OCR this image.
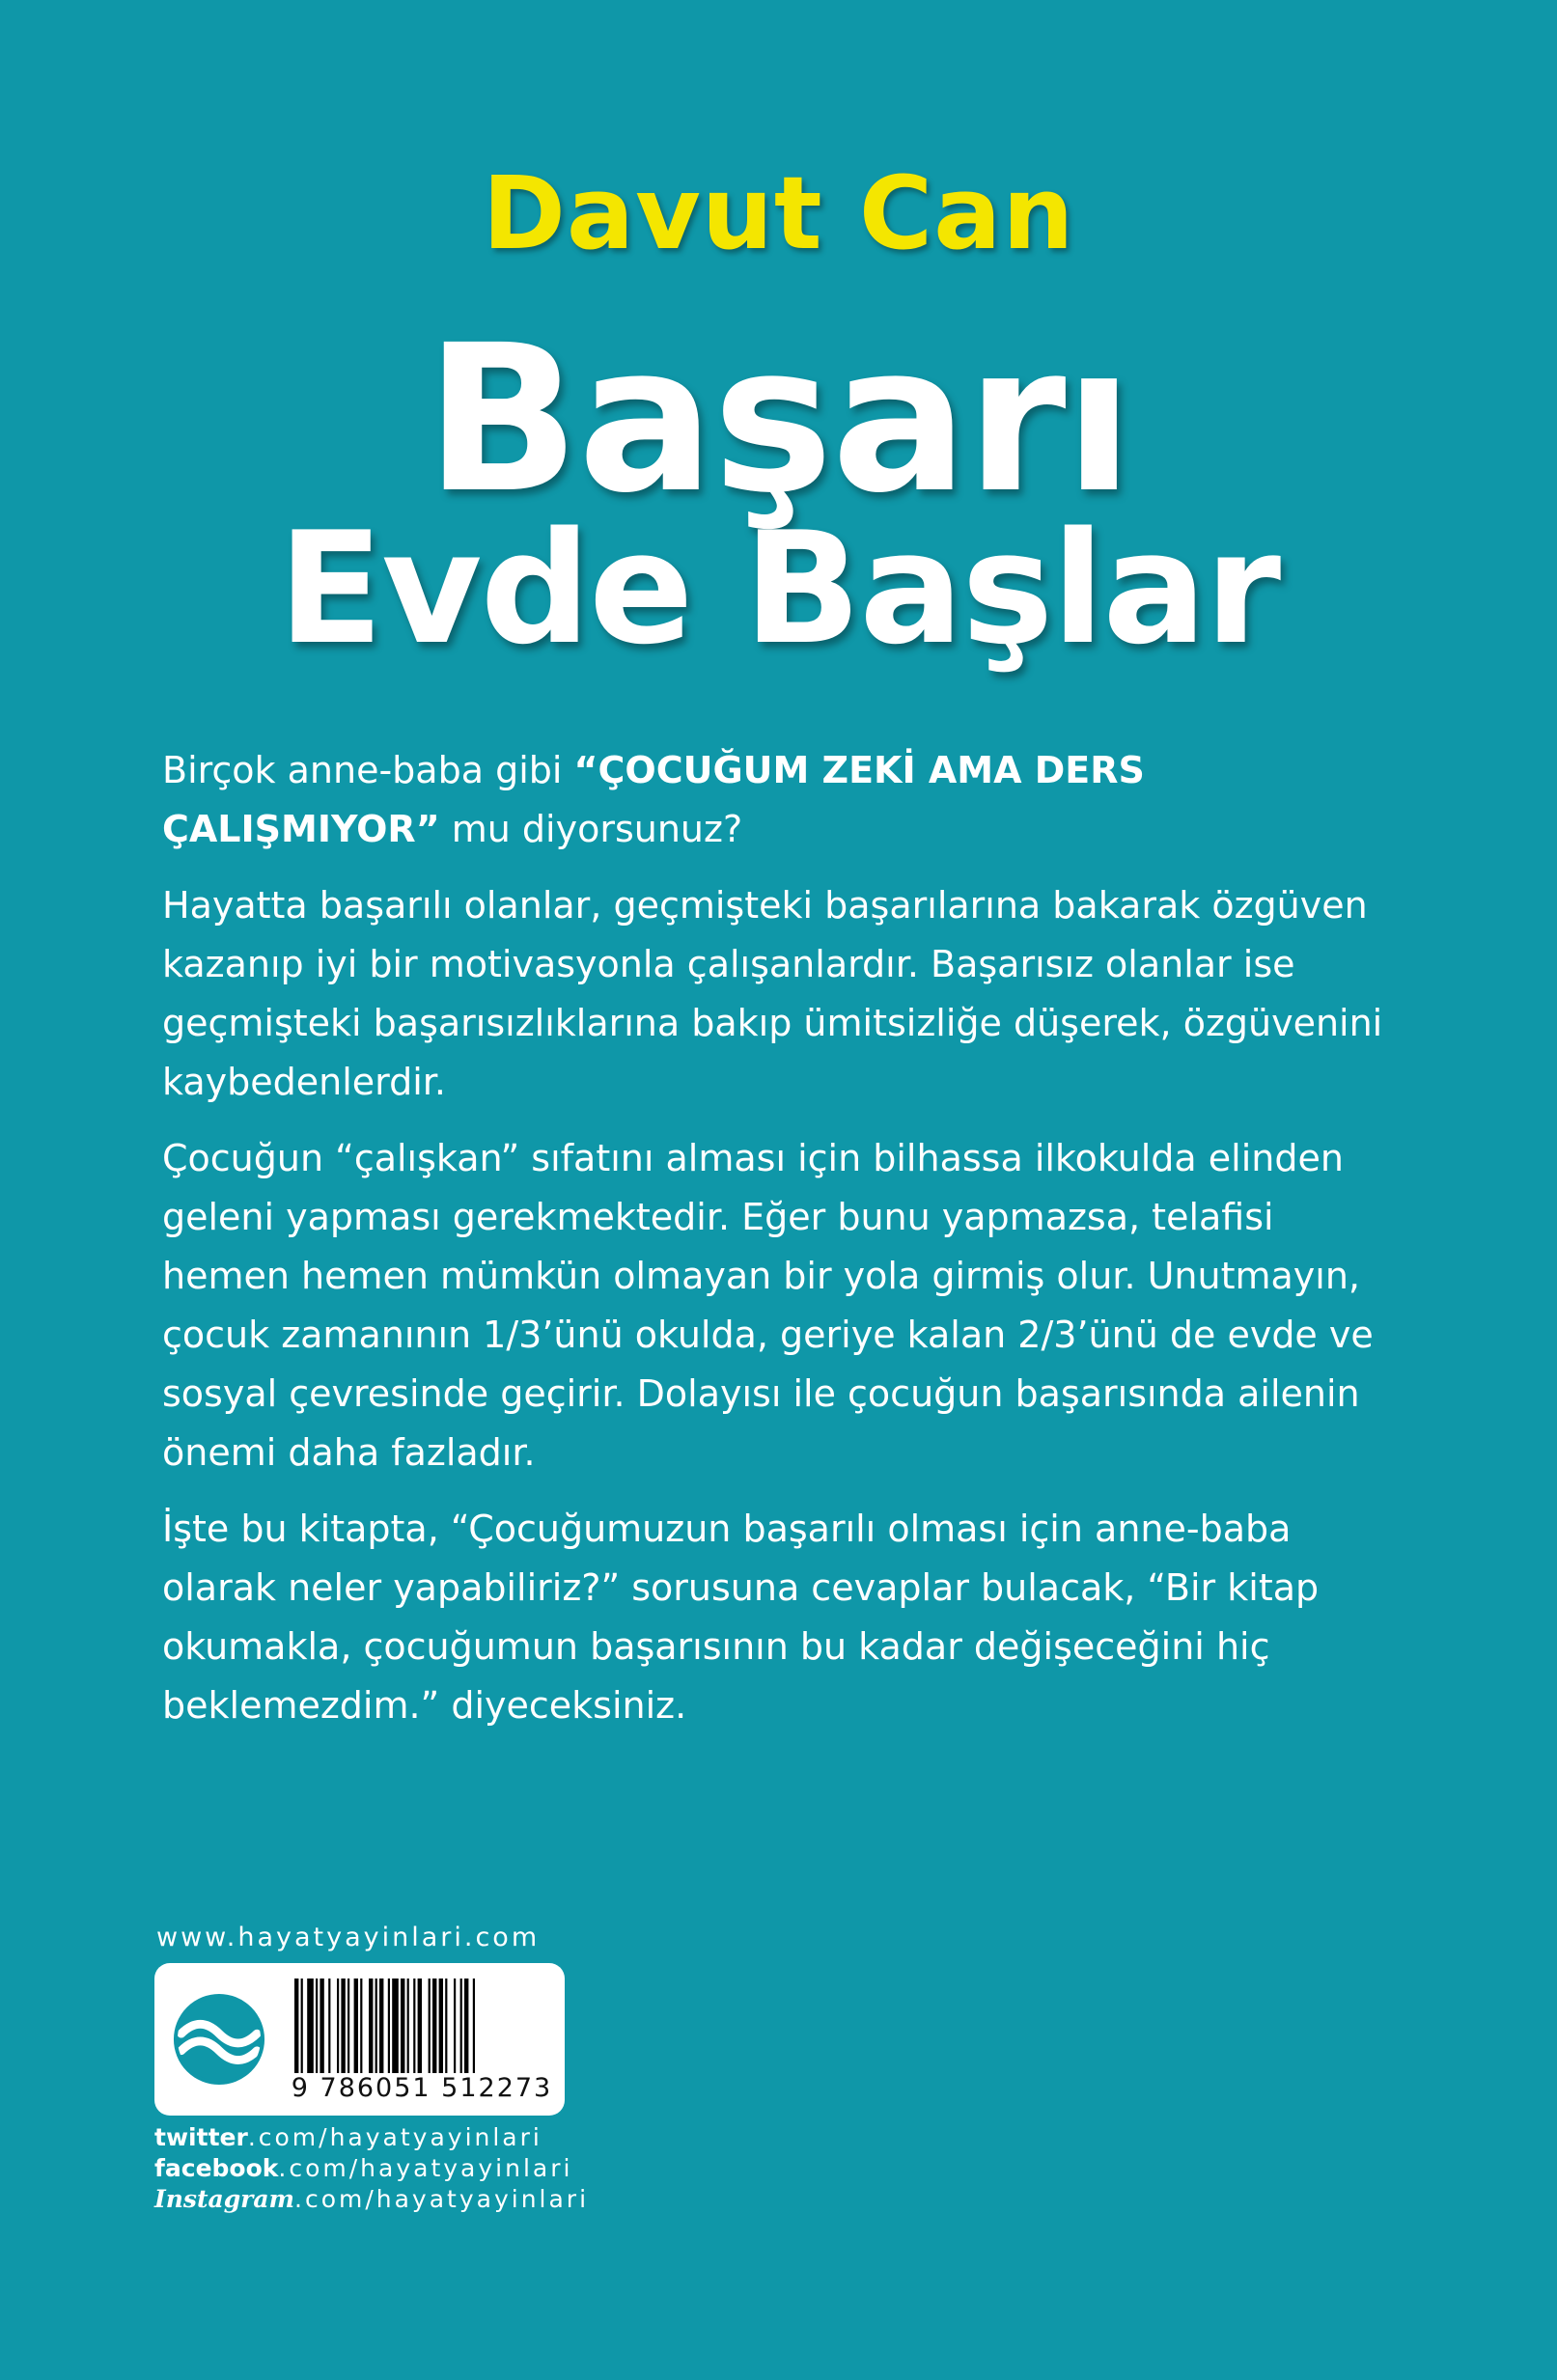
Davut Can
Başarı
Evde Başlar

Birçok anne-baba gibi “ÇOCUĞUM ZEKİ AMA DERS ÇALIŞMIYOR” mu diyorsunuz?

Hayatta başarılı olanlar, geçmişteki başarılarına bakarak özgüven kazanıp iyi bir motivasyonla çalışanlardır. Başarısız olanlar ise geçmişteki başarısızlıklarına bakıp ümitsizliğe düşerek, özgüvenini kaybedenlerdir.

Çocuğun “çalışkan” sıfatını alması için bilhassa ilkokulda elinden geleni yapması gerekmektedir. Eğer bunu yapmazsa, telafisi hemen hemen mümkün olmayan bir yola girmiş olur. Unutmayın, çocuk zamanının 1/3’ünü okulda, geriye kalan 2/3’ünü de evde ve sosyal çevresinde geçirir. Dolayısı ile çocuğun başarısında ailenin önemi daha fazladır.

İşte bu kitapta, “Çocuğumuzun başarılı olması için anne-baba olarak neler yapabiliriz?” sorusuna cevaplar bulacak, “Bir kitap okumakla, çocuğumun başarısının bu kadar değişeceğini hiç beklemezdim.” diyeceksiniz.

www.hayatyayinlari.com
9 786051 512273
twitter.com/hayatyayinlari
facebook.com/hayatyayinlari
Instagram.com/hayatyayinlari
